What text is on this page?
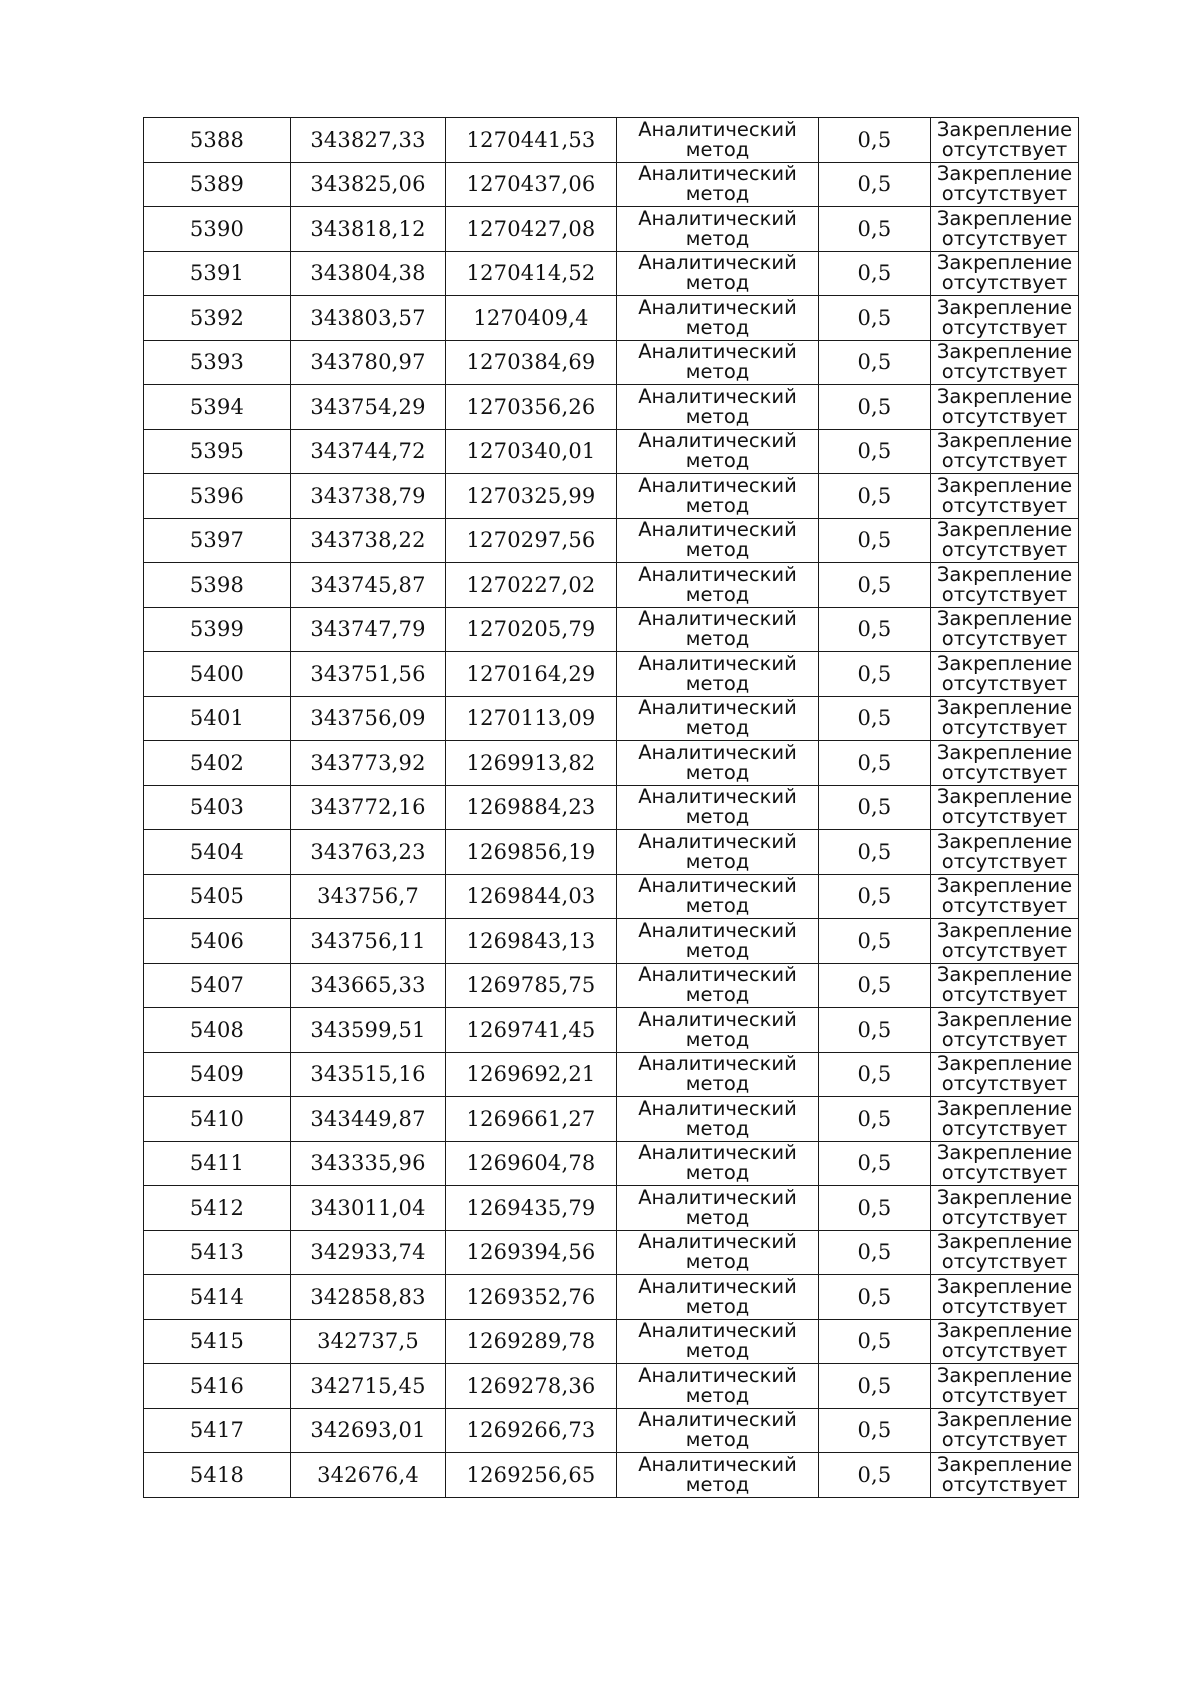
5388	343827,33	1270441,53	Аналитический
метод	0,5	Закрепление
отсутствует

5389	343825,06	1270437,06	Аналитический
метод	0,5	Закрепление
отсутствует

5390	343818,12	1270427,08	Аналитический
метод	0,5	Закрепление
отсутствует

5391	343804,38	1270414,52	Аналитический
метод	0,5	Закрепление
отсутствует

5392	343803,57	1270409,4	Аналитический
метод	0,5	Закрепление
отсутствует

5393	343780,97	1270384,69	Аналитический
метод	0,5	Закрепление
отсутствует

5394	343754,29	1270356,26	Аналитический
метод	0,5	Закрепление
отсутствует

5395	343744,72	1270340,01	Аналитический
метод	0,5	Закрепление
отсутствует

5396	343738,79	1270325,99	Аналитический
метод	0,5	Закрепление
отсутствует

5397	343738,22	1270297,56	Аналитический
метод	0,5	Закрепление
отсутствует

5398	343745,87	1270227,02	Аналитический
метод	0,5	Закрепление
отсутствует

5399	343747,79	1270205,79	Аналитический
метод	0,5	Закрепление
отсутствует

5400	343751,56	1270164,29	Аналитический
метод	0,5	Закрепление
отсутствует

5401	343756,09	1270113,09	Аналитический
метод	0,5	Закрепление
отсутствует

5402	343773,92	1269913,82	Аналитический
метод	0,5	Закрепление
отсутствует

5403	343772,16	1269884,23	Аналитический
метод	0,5	Закрепление
отсутствует

5404	343763,23	1269856,19	Аналитический
метод	0,5	Закрепление
отсутствует

5405	343756,7	1269844,03	Аналитический
метод	0,5	Закрепление
отсутствует

5406	343756,11	1269843,13	Аналитический
метод	0,5	Закрепление
отсутствует

5407	343665,33	1269785,75	Аналитический
метод	0,5	Закрепление
отсутствует

5408	343599,51	1269741,45	Аналитический
метод	0,5	Закрепление
отсутствует

5409	343515,16	1269692,21	Аналитический
метод	0,5	Закрепление
отсутствует

5410	343449,87	1269661,27	Аналитический
метод	0,5	Закрепление
отсутствует

5411	343335,96	1269604,78	Аналитический
метод	0,5	Закрепление
отсутствует

5412	343011,04	1269435,79	Аналитический
метод	0,5	Закрепление
отсутствует

5413	342933,74	1269394,56	Аналитический
метод	0,5	Закрепление
отсутствует

5414	342858,83	1269352,76	Аналитический
метод	0,5	Закрепление
отсутствует

5415	342737,5	1269289,78	Аналитический
метод	0,5	Закрепление
отсутствует

5416	342715,45	1269278,36	Аналитический
метод	0,5	Закрепление
отсутствует

5417	342693,01	1269266,73	Аналитический
метод	0,5	Закрепление
отсутствует

5418	342676,4	1269256,65	Аналитический
метод	0,5	Закрепление
отсутствует
